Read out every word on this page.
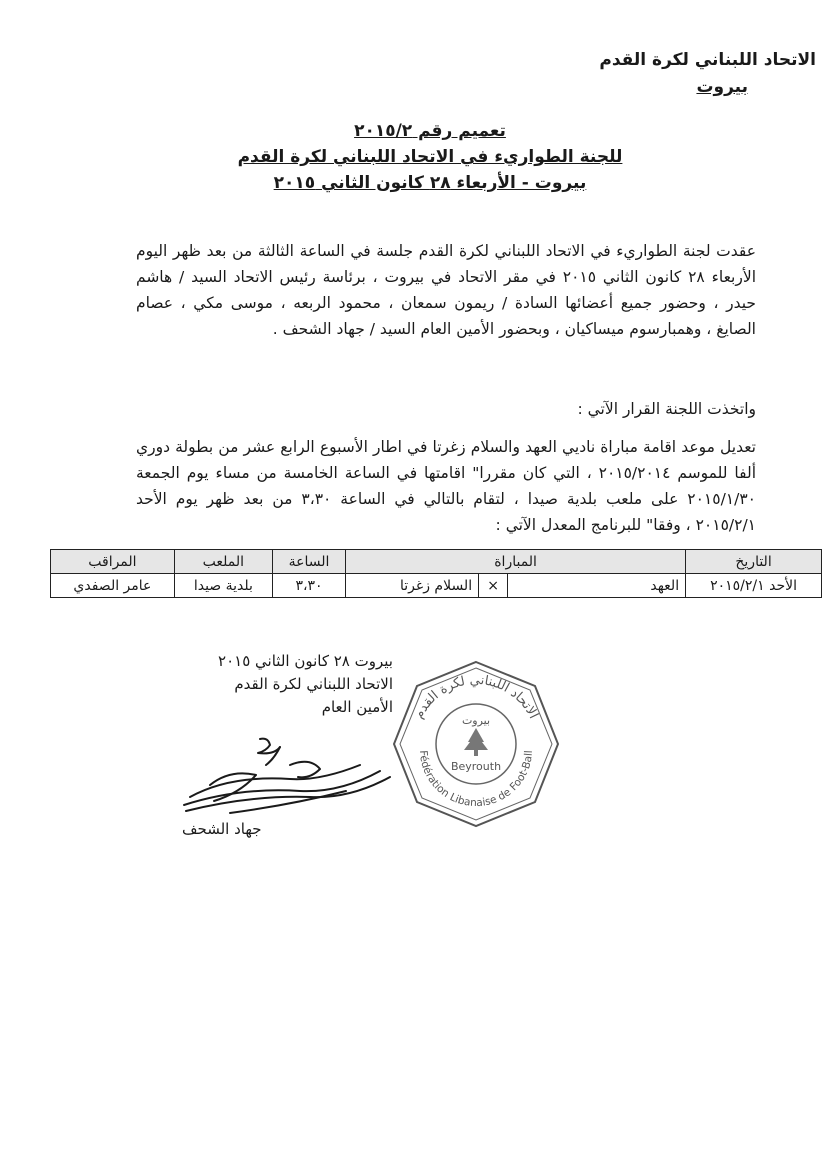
الاتحاد اللبناني لكرة القدم
بيروت
تعميم رقم ٢٠١٥/٢
للجنة الطواريء في الاتحاد اللبناني لكرة القدم
بيروت - الأربعاء ٢٨ كانون الثاني ٢٠١٥
عقدت لجنة الطواريء في الاتحاد اللبناني لكرة القدم جلسة في الساعة الثالثة من بعد ظهر اليوم الأربعاء ٢٨ كانون الثاني ٢٠١٥ في مقر الاتحاد في بيروت ، برئاسة رئيس الاتحاد السيد / هاشم حيدر ، وحضور جميع أعضائها السادة / ريمون سمعان ، محمود الربعه ، موسى مكي ، عصام الصايغ ، وهمبارسوم ميساكيان ، وبحضور الأمين العام السيد / جهاد الشحف .
واتخذت اللجنة القرار الآتي :
تعديل موعد اقامة مباراة ناديي العهد والسلام زغرتا في اطار الأسبوع الرابع عشر من بطولة دوري ألفا للموسم ٢٠١٥/٢٠١٤ ، التي كان مقررا" اقامتها في الساعة الخامسة من مساء يوم الجمعة ٢٠١٥/١/٣٠ على ملعب بلدية صيدا ، لتقام بالتالي في الساعة ٣،٣٠ من بعد ظهر يوم الأحد ٢٠١٥/٢/١ ، وفقا" للبرنامج المعدل الآتي :
التاريخ	المباراة			الساعة	الملعب	المراقب
الأحد ٢٠١٥/٢/١	العهد	×	السلام زغرتا	٣،٣٠	بلدية صيدا	عامر الصفدي
بيروت ٢٨ كانون الثاني ٢٠١٥
الاتحاد اللبناني لكرة القدم
الأمين العام
جهاد الشحف
الاتحاد اللبناني لكرة القدم
Fédération Libanaise de Foot-Ball
بيروت
Beyrouth
